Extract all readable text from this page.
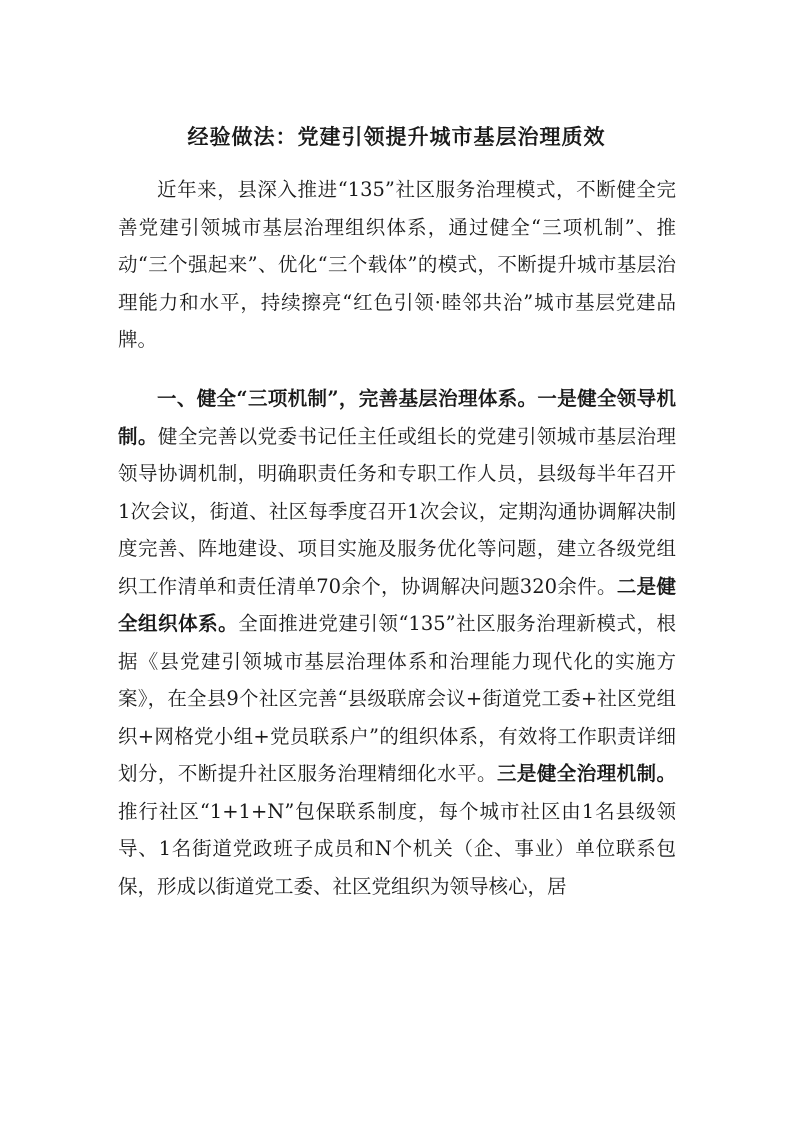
经验做法：党建引领提升城市基层治理质效

近年来，县深入推进“135”社区服务治理模式，不断健全完善党建引领城市基层治理组织体系，通过健全“三项机制”、推动“三个强起来”、优化“三个载体”的模式，不断提升城市基层治理能力和水平，持续擦亮“红色引领·睦邻共治”城市基层党建品牌。

一、健全“三项机制”，完善基层治理体系。一是健全领导机制。健全完善以党委书记任主任或组长的党建引领城市基层治理领导协调机制，明确职责任务和专职工作人员，县级每半年召开1次会议，街道、社区每季度召开1次会议，定期沟通协调解决制度完善、阵地建设、项目实施及服务优化等问题，建立各级党组织工作清单和责任清单70余个，协调解决问题320余件。二是健全组织体系。全面推进党建引领“135”社区服务治理新模式，根据《县党建引领城市基层治理体系和治理能力现代化的实施方案》，在全县9个社区完善“县级联席会议+街道党工委+社区党组织+网格党小组+党员联系户”的组织体系，有效将工作职责详细划分，不断提升社区服务治理精细化水平。三是健全治理机制。推行社区“1+1+N”包保联系制度，每个城市社区由1名县级领导、1名街道党政班子成员和N个机关（企、事业）单位联系包保，形成以街道党工委、社区党组织为领导核心，居
